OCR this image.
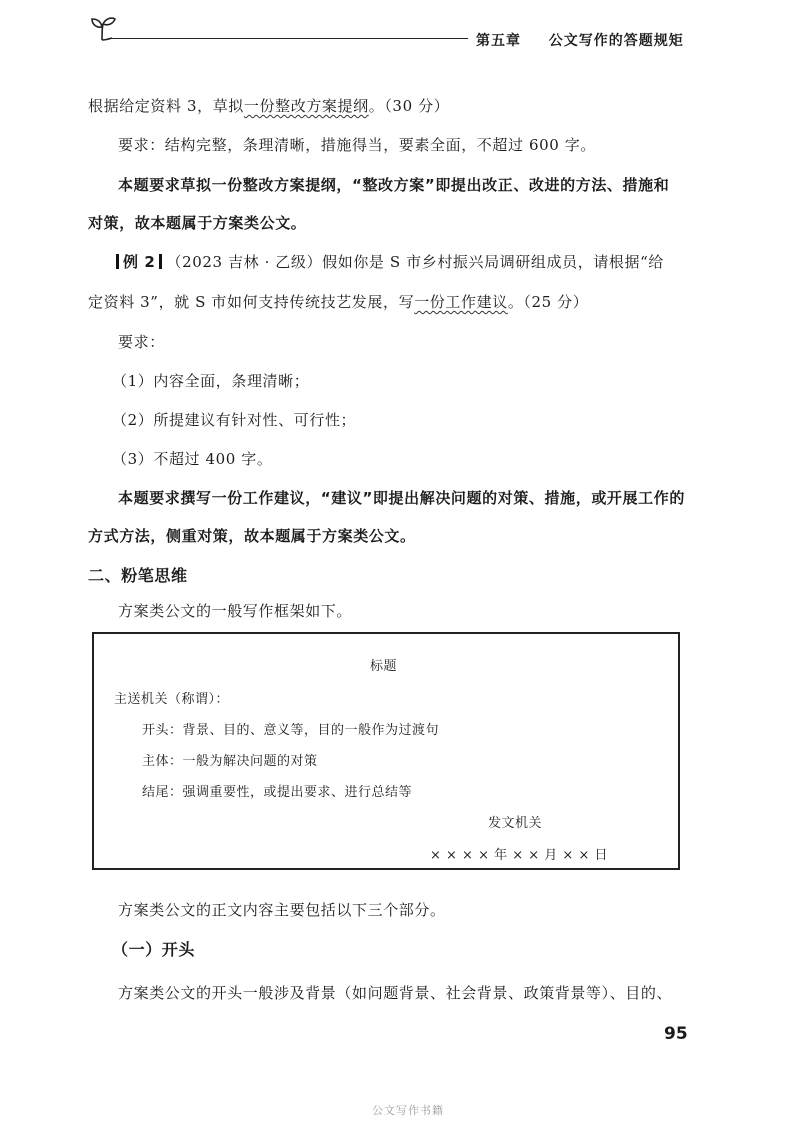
第五章 公文写作的答题规矩
根据给定资料 3，草拟一份整改方案提纲。（30 分）
要求：结构完整，条理清晰，措施得当，要素全面，不超过 600 字。
本题要求草拟一份整改方案提纲，“整改方案”即提出改正、改进的方法、措施和
对策，故本题属于方案类公文。
例 2 （2023 吉林 · 乙级）假如你是 S 市乡村振兴局调研组成员，请根据“给
定资料 3”，就 S 市如何支持传统技艺发展，写一份工作建议。（25 分）
要求：
（1）内容全面，条理清晰；
（2）所提建议有针对性、可行性；
（3）不超过 400 字。
本题要求撰写一份工作建议，“建议”即提出解决问题的对策、措施，或开展工作的
方式方法，侧重对策，故本题属于方案类公文。
二、粉笔思维
方案类公文的一般写作框架如下。
标题
主送机关（称谓）：
开头：背景、目的、意义等，目的一般作为过渡句
主体：一般为解决问题的对策
结尾：强调重要性，或提出要求、进行总结等
发文机关
× × × × 年 × × 月 × × 日
方案类公文的正文内容主要包括以下三个部分。
（一）开头
方案类公文的开头一般涉及背景（如问题背景、社会背景、政策背景等）、目的、
95
公文写作书籍
